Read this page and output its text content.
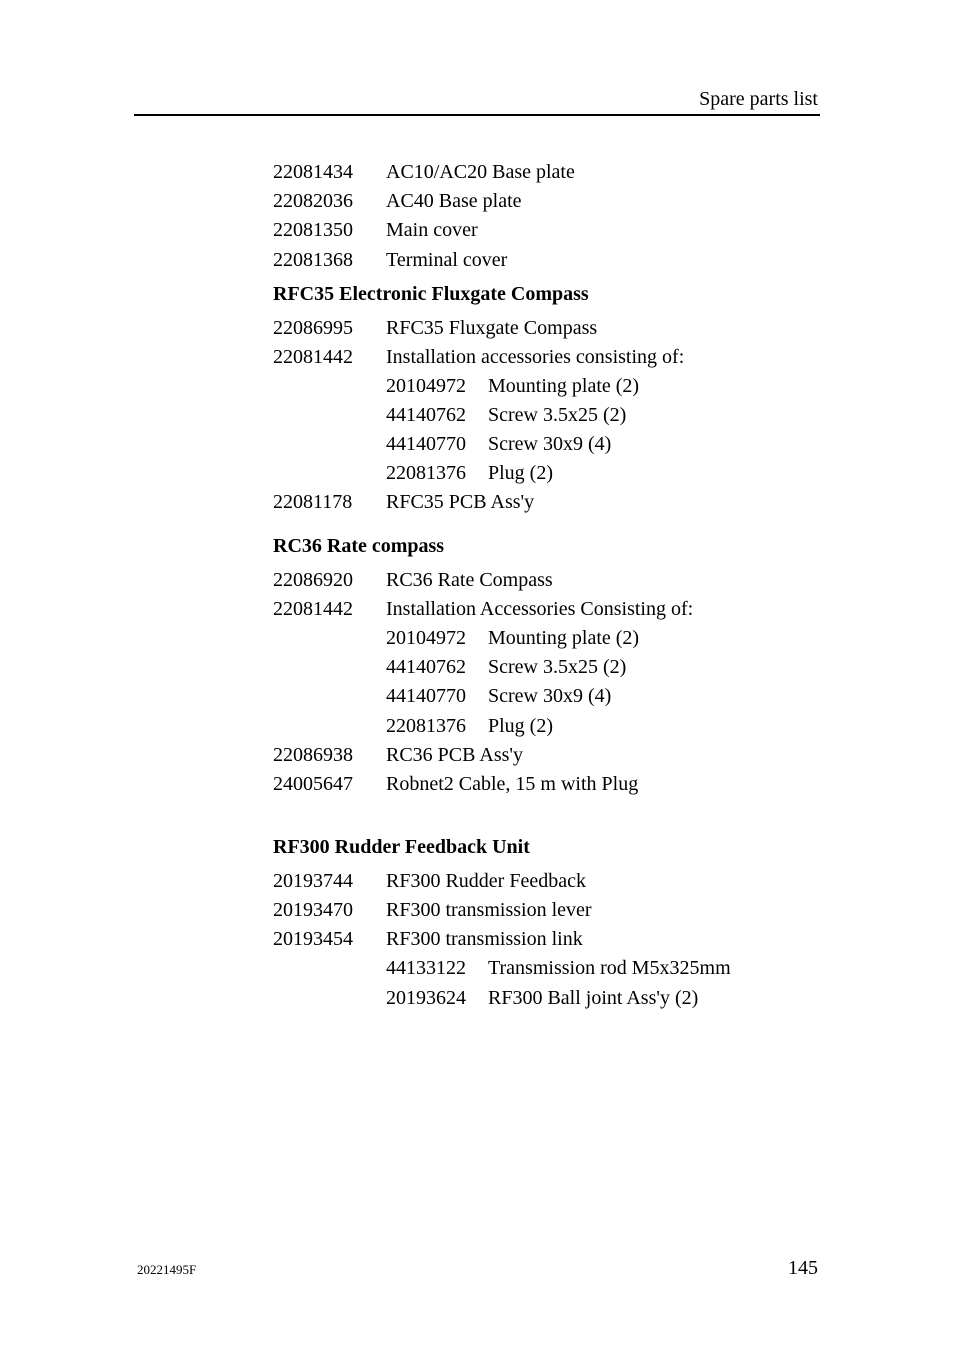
Spare parts list
22081434 AC10/AC20 Base plate
22082036 AC40 Base plate
22081350 Main cover
22081368 Terminal cover
RFC35 Electronic Fluxgate Compass
22086995 RFC35 Fluxgate Compass
22081442 Installation accessories consisting of:
20104972 Mounting plate (2)
44140762 Screw 3.5x25 (2)
44140770 Screw 30x9 (4)
22081376 Plug (2)
22081178 RFC35 PCB Ass'y
RC36 Rate compass
22086920 RC36 Rate Compass
22081442 Installation Accessories Consisting of:
20104972 Mounting plate (2)
44140762 Screw 3.5x25 (2)
44140770 Screw 30x9 (4)
22081376 Plug (2)
22086938 RC36 PCB Ass'y
24005647 Robnet2 Cable, 15 m with Plug
RF300 Rudder Feedback Unit
20193744 RF300 Rudder Feedback
20193470 RF300 transmission lever
20193454 RF300 transmission link
44133122 Transmission rod M5x325mm
20193624 RF300 Ball joint Ass'y (2)
20221495F	145
